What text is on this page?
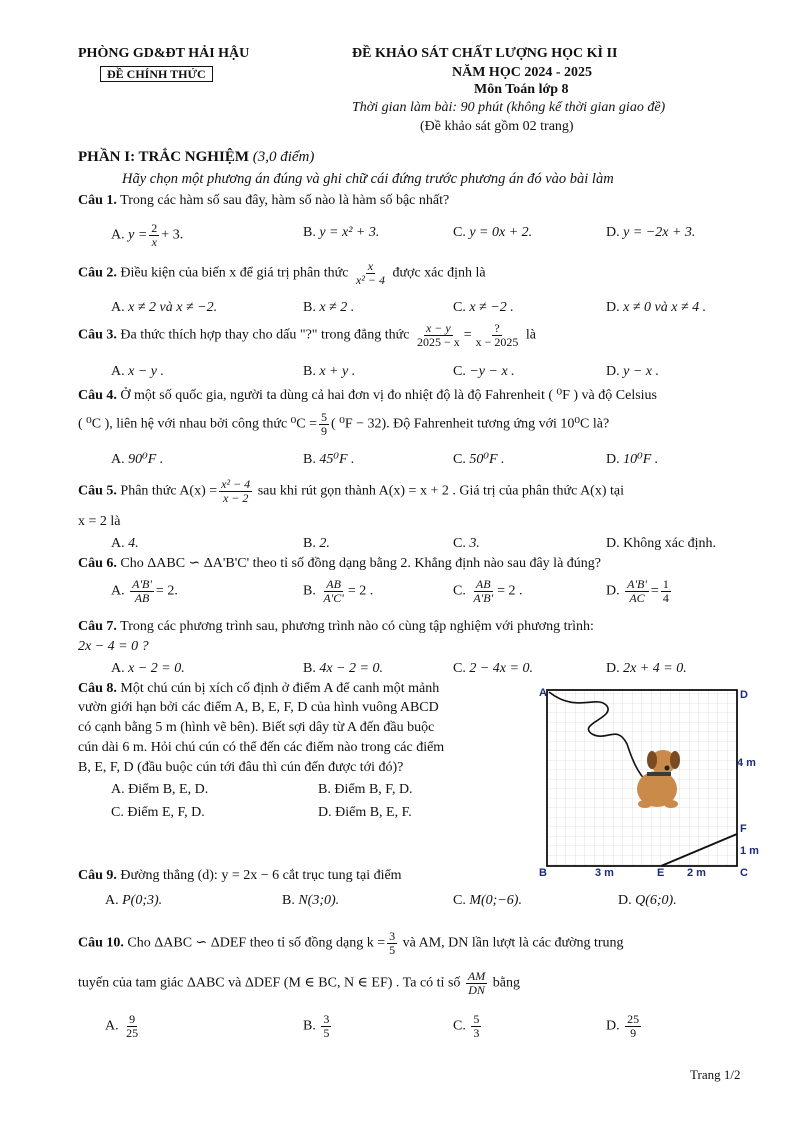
PHÒNG GD&ĐT HẢI HẬU
ĐỀ CHÍNH THỨC
ĐỀ KHẢO SÁT CHẤT LƯỢNG HỌC KÌ II
NĂM HỌC 2024 - 2025
Môn Toán lớp 8
Thời gian làm bài: 90 phút (không kể thời gian giao đề)
(Đề khảo sát gồm 02 trang)
PHẦN I: TRẮC NGHIỆM (3,0 điểm)
Hãy chọn một phương án đúng và ghi chữ cái đứng trước phương án đó vào bài làm
Câu 1. Trong các hàm số sau đây, hàm số nào là hàm số bậc nhất?
A. $y = \frac{2}{x} + 3$.	B. y = x² + 3.	C. y = 0x + 2.	D. y = −2x + 3.
Câu 2. Điều kiện của biến x để giá trị phân thức $\frac{x}{\text{x² − 4}}$ được xác định là
A. x ≠ 2 và x ≠ −2.	B. x ≠ 2 .	C. x ≠ −2 .	D. x ≠ 0 và x ≠ 4 .
Câu 3. Đa thức thích hợp thay cho dấu "?" trong đẳng thức $\frac{x - y}{2025 - x} = \frac{?}{x - 2025}$ là
A. x − y .	B. x + y .	C. −y − x .	D. y − x .
Câu 4. Ở một số quốc gia, người ta dùng cả hai đơn vị đo nhiệt độ là độ Fahrenheit ( ⁰F ) và độ Celsius
( ⁰C ), liên hệ với nhau bởi công thức $^0C = \frac{5}{9}$ ( ⁰F − 32). Độ Fahrenheit tương ứng với 10⁰C là?
A. 90⁰F .	B. 45⁰F .	C. 50⁰F .	D. 10⁰F .
Câu 5. Phân thức $A(x) = \frac{\text{x² − 4}}{x - 2}$ sau khi rút gọn thành A(x) = x + 2 . Giá trị của phân thức A(x) tại
x = 2 là
A. 4.	B. 2.	C. 3.	D. Không xác định.
Câu 6. Cho ΔABC ∽ ΔA'B'C' theo tỉ số đồng dạng bằng 2. Khẳng định nào sau đây là đúng?
A. $\frac{A'B'}{AB} = 2$.	B. $\frac{AB}{A'C'} = 2$ .	C. $\frac{AB}{A'B'} = 2$ .	D. $\frac{A'B'}{AC} = \frac{1}{4}$
Câu 7. Trong các phương trình sau, phương trình nào có cùng tập nghiệm với phương trình:
2x − 4 = 0 ?
A. x − 2 = 0.	B. 4x − 2 = 0.	C. 2 − 4x = 0.	D. 2x + 4 = 0.
Câu 8. Một chú cún bị xích cố định ở điểm A để canh một mảnh
vườn giới hạn bởi các điểm A, B, E, F, D của hình vuông ABCD
có cạnh bằng 5 m (hình vẽ bên). Biết sợi dây từ A đến đầu buộc
cún dài 6 m. Hỏi chú cún có thể đến các điểm nào trong các điểm
B, E, F, D (đầu buộc cún tới đâu thì cún đến được tới đó)?
A. Điểm B, E, D.	B. Điểm B, F, D.
C. Điểm E, F, D.	D. Điểm B, E, F.
A	D
B	C
E
F
4 m
1 m
3 m	2 m
Câu 9. Đường thẳng (d): y = 2x − 6 cắt trục tung tại điểm
A. P(0;3).	B. N(3;0).	C. M(0;−6).	D. Q(6;0).
Câu 10. Cho ΔABC ∽ ΔDEF theo tỉ số đồng dạng $k = \frac{3}{5}$ và AM, DN lần lượt là các đường trung
tuyến của tam giác ΔABC và ΔDEF (M ∈ BC, N ∈ EF) . Ta có tỉ số $\frac{AM}{DN}$ bằng
A. $\frac{9}{25}$	B. $\frac{3}{5}$	C. $\frac{5}{3}$	D. $\frac{25}{9}$
Trang 1/2
